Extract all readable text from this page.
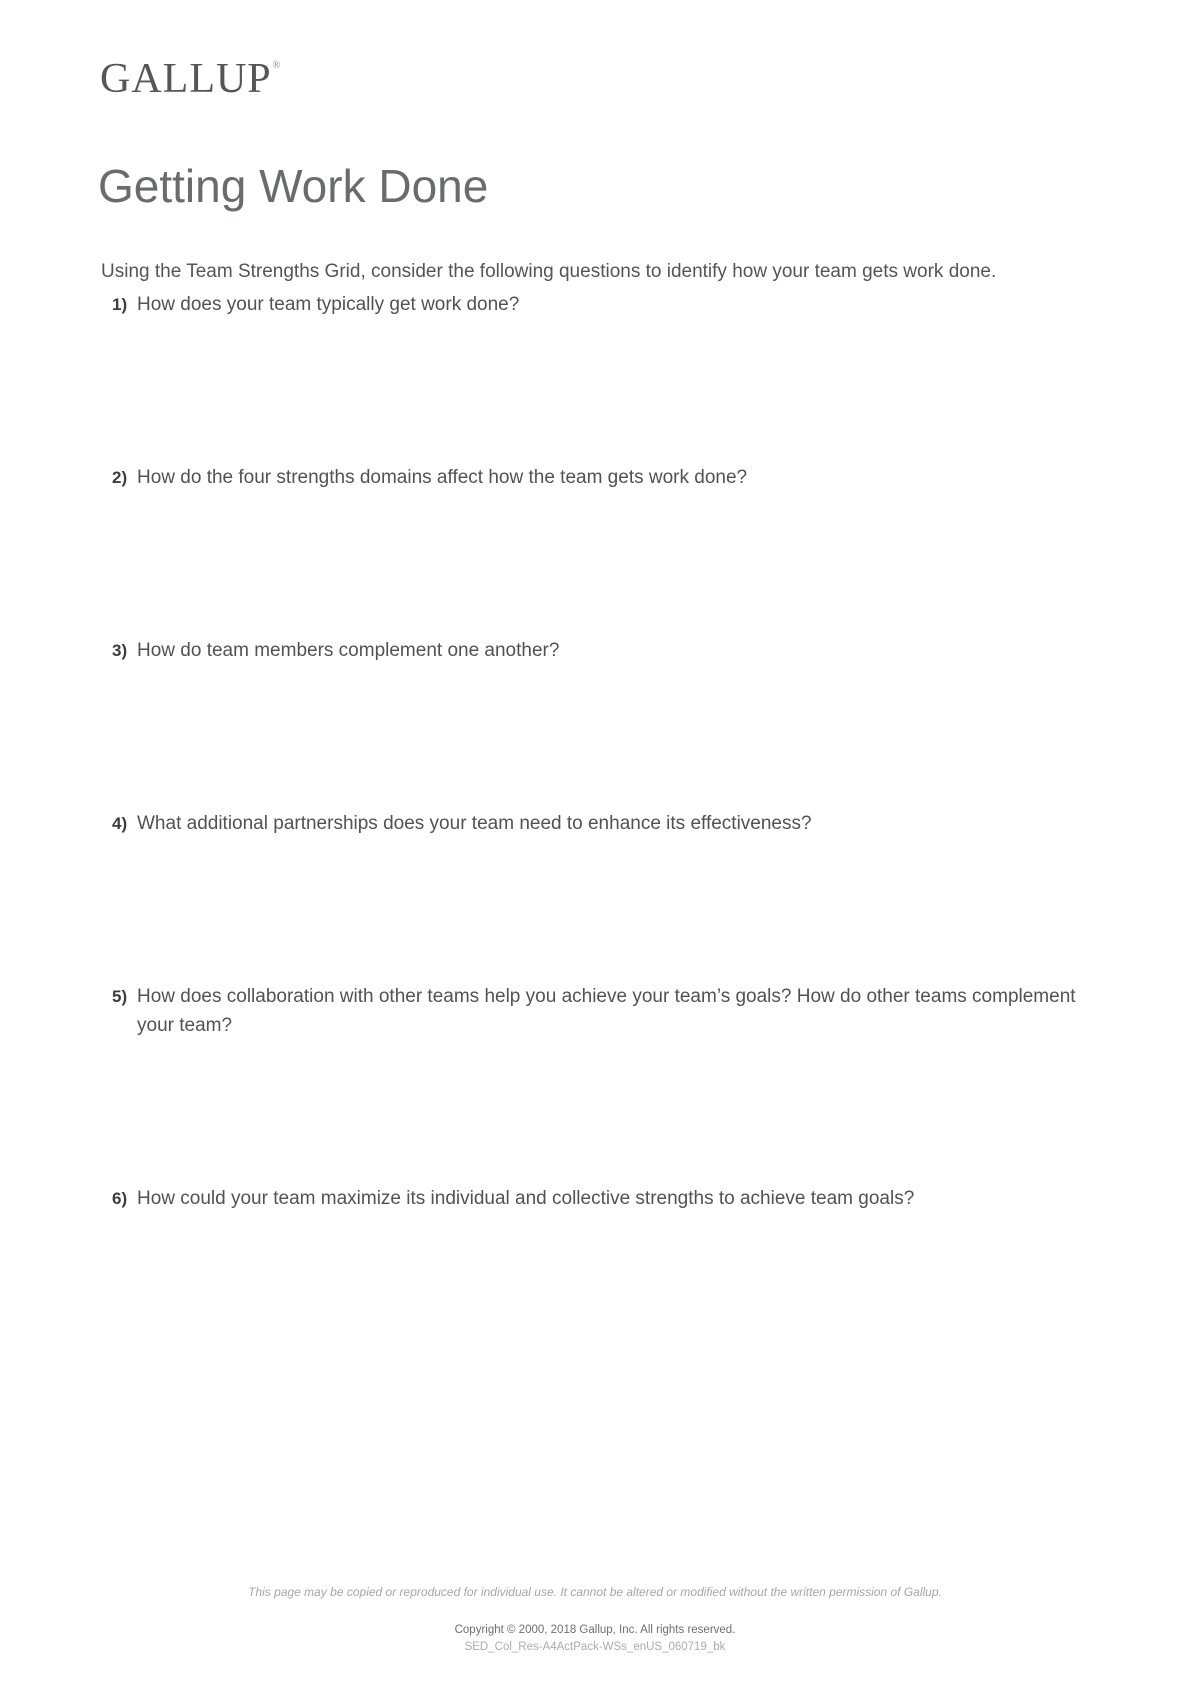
GALLUP®
Getting Work Done

Using the Team Strengths Grid, consider the following questions to identify how your team gets work done.

1) How does your team typically get work done?
2) How do the four strengths domains affect how the team gets work done?
3) How do team members complement one another?
4) What additional partnerships does your team need to enhance its effectiveness?
5) How does collaboration with other teams help you achieve your team’s goals? How do other teams complement your team?
6) How could your team maximize its individual and collective strengths to achieve team goals?
This page may be copied or reproduced for individual use. It cannot be altered or modified without the written permission of Gallup.
Copyright © 2000, 2018 Gallup, Inc. All rights reserved.
SED_Col_Res-A4ActPack-WSs_enUS_060719_bk
